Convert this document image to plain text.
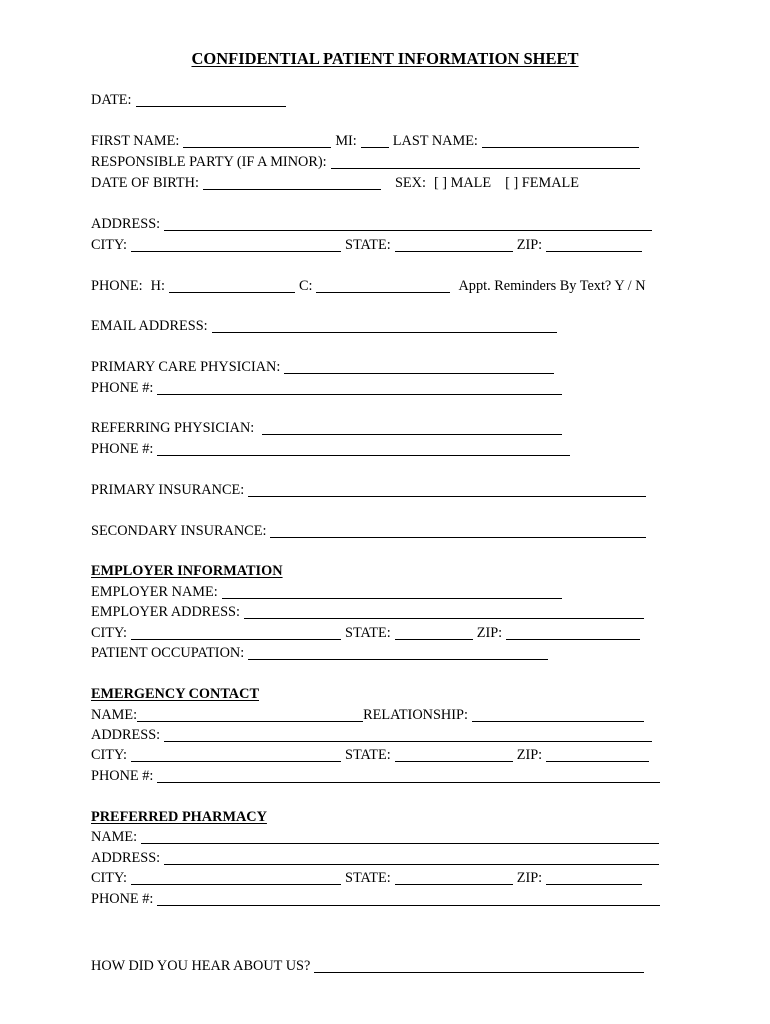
CONFIDENTIAL PATIENT INFORMATION SHEET
DATE:
FIRST NAME:	MI:	LAST NAME:
RESPONSIBLE PARTY (IF A MINOR):
DATE OF BIRTH:	SEX: [ ] MALE [ ] FEMALE
ADDRESS:
CITY:	STATE:	ZIP:
PHONE: H:	C:	Appt. Reminders By Text? Y / N
EMAIL ADDRESS:
PRIMARY CARE PHYSICIAN:
PHONE #:
REFERRING PHYSICIAN:
PHONE #:
PRIMARY INSURANCE:
SECONDARY INSURANCE:
EMPLOYER INFORMATION
EMPLOYER NAME:
EMPLOYER ADDRESS:
CITY:	STATE:	ZIP:
PATIENT OCCUPATION:
EMERGENCY CONTACT
NAME:	RELATIONSHIP:
ADDRESS:
CITY:	STATE:	ZIP:
PHONE #:
PREFERRED PHARMACY
NAME:
ADDRESS:
CITY:	STATE:	ZIP:
PHONE #:
HOW DID YOU HEAR ABOUT US?
